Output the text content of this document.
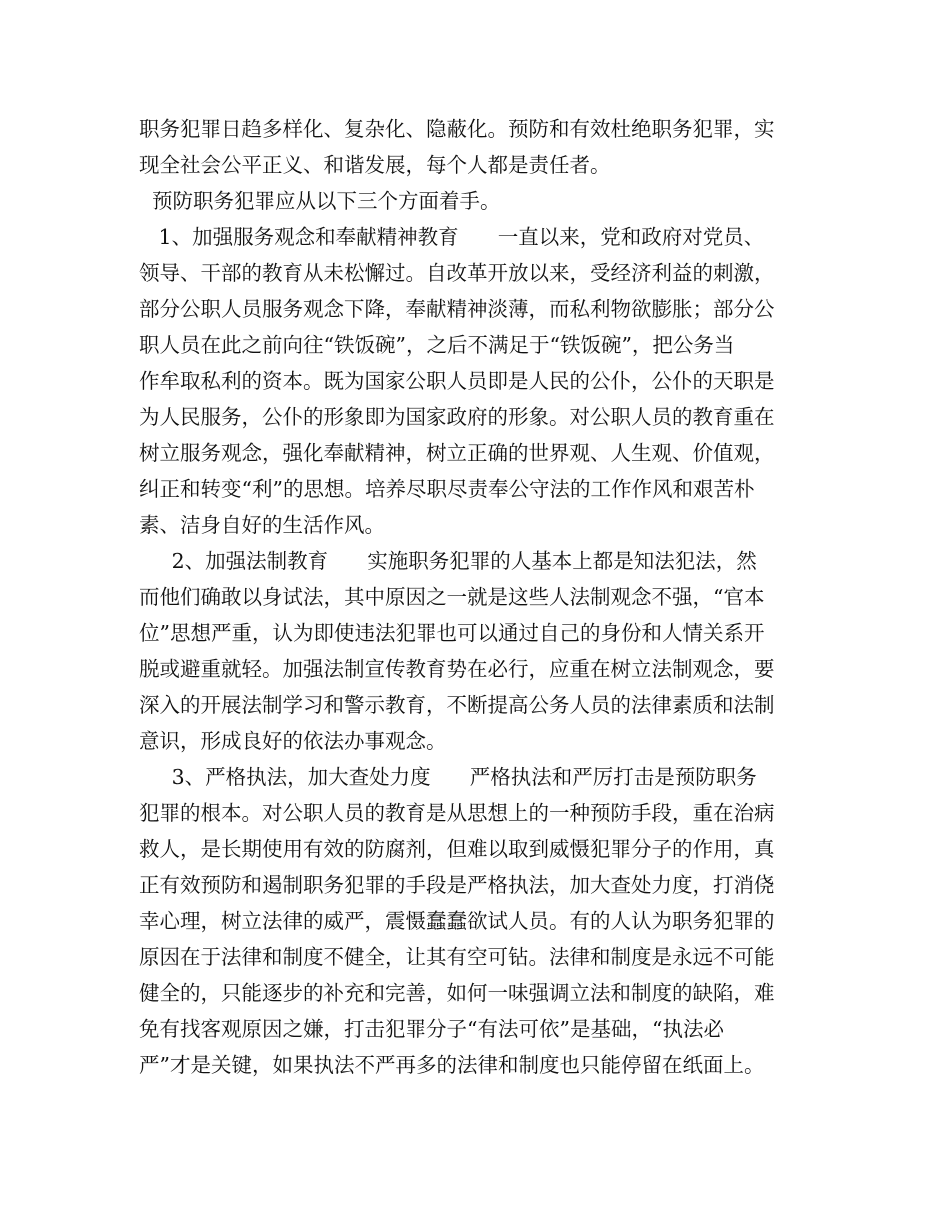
职务犯罪日趋多样化、复杂化、隐蔽化。预防和有效杜绝职务犯罪，实
现全社会公平正义、和谐发展，每个人都是责任者。
预防职务犯罪应从以下三个方面着手。
1、加强服务观念和奉献精神教育      一直以来，党和政府对党员、
领导、干部的教育从未松懈过。自改革开放以来，受经济利益的刺激，
部分公职人员服务观念下降，奉献精神淡薄，而私利物欲膨胀；部分公
职人员在此之前向往“铁饭碗”，之后不满足于“铁饭碗”，把公务当
作牟取私利的资本。既为国家公职人员即是人民的公仆，公仆的天职是
为人民服务，公仆的形象即为国家政府的形象。对公职人员的教育重在
树立服务观念，强化奉献精神，树立正确的世界观、人生观、价值观，
纠正和转变“利”的思想。培养尽职尽责奉公守法的工作作风和艰苦朴
素、洁身自好的生活作风。
2、加强法制教育      实施职务犯罪的人基本上都是知法犯法，然
而他们确敢以身试法，其中原因之一就是这些人法制观念不强，“官本
位”思想严重，认为即使违法犯罪也可以通过自己的身份和人情关系开
脱或避重就轻。加强法制宣传教育势在必行，应重在树立法制观念，要
深入的开展法制学习和警示教育，不断提高公务人员的法律素质和法制
意识，形成良好的依法办事观念。
3、严格执法，加大查处力度      严格执法和严厉打击是预防职务
犯罪的根本。对公职人员的教育是从思想上的一种预防手段，重在治病
救人，是长期使用有效的防腐剂，但难以取到威慑犯罪分子的作用，真
正有效预防和遏制职务犯罪的手段是严格执法，加大查处力度，打消侥
幸心理，树立法律的威严，震慑蠢蠢欲试人员。有的人认为职务犯罪的
原因在于法律和制度不健全，让其有空可钻。法律和制度是永远不可能
健全的，只能逐步的补充和完善，如何一味强调立法和制度的缺陷，难
免有找客观原因之嫌，打击犯罪分子“有法可依”是基础，“执法必
严”才是关键，如果执法不严再多的法律和制度也只能停留在纸面上。
